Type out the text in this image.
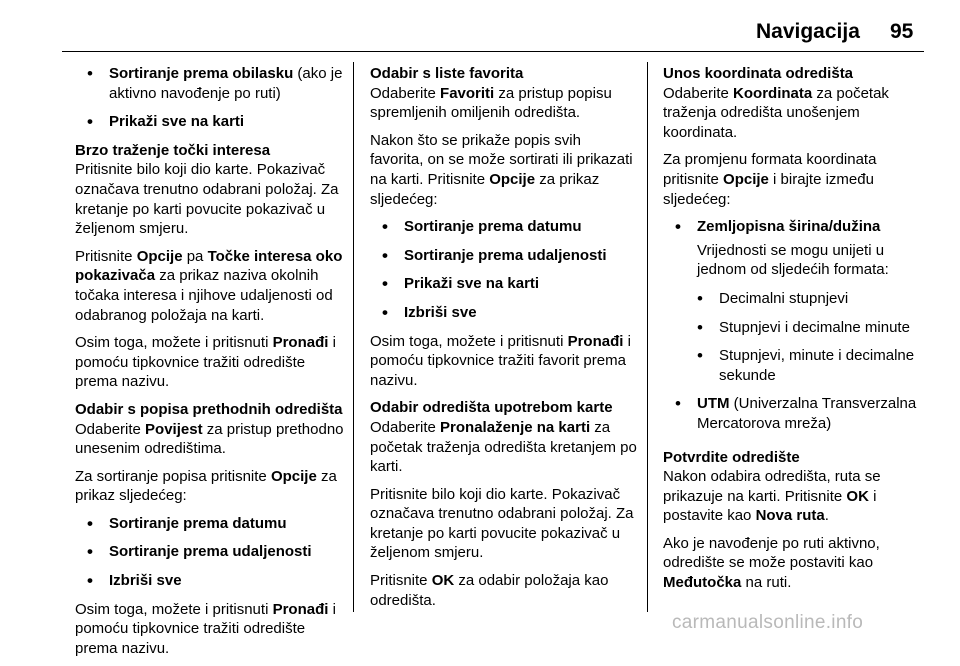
Navigacija 95
• Sortiranje prema obilasku (ako je aktivno navođenje po ruti)
• Prikaži sve na karti

Brzo traženje točki interesa

Pritisnite bilo koji dio karte. Pokazivač označava trenutno odabrani položaj. Za kretanje po karti povucite pokazivač u željenom smjeru.

Pritisnite Opcije pa Točke interesa oko pokazivača za prikaz naziva okolnih točaka interesa i njihove udaljenosti od odabranog položaja na karti.

Osim toga, možete i pritisnuti Pronađi i pomoću tipkovnice tražiti odredište prema nazivu.

Odabir s popisa prethodnih odredišta

Odaberite Povijest za pristup prethodno unesenim odredištima.

Za sortiranje popisa pritisnite Opcije za prikaz sljedećeg:

• Sortiranje prema datumu
• Sortiranje prema udaljenosti
• Izbriši sve

Osim toga, možete i pritisnuti Pronađi i pomoću tipkovnice tražiti odredište prema nazivu.

Odabir s liste favorita

Odaberite Favoriti za pristup popisu spremljenih omiljenih odredišta.

Nakon što se prikaže popis svih favorita, on se može sortirati ili prikazati na karti. Pritisnite Opcije za prikaz sljedećeg:

• Sortiranje prema datumu
• Sortiranje prema udaljenosti
• Prikaži sve na karti
• Izbriši sve

Osim toga, možete i pritisnuti Pronađi i pomoću tipkovnice tražiti favorit prema nazivu.

Odabir odredišta upotrebom karte

Odaberite Pronalaženje na karti za početak traženja odredišta kretanjem po karti.

Pritisnite bilo koji dio karte. Pokazivač označava trenutno odabrani položaj. Za kretanje po karti povucite pokazivač u željenom smjeru.

Pritisnite OK za odabir položaja kao odredišta.

Unos koordinata odredišta

Odaberite Koordinata za početak traženja odredišta unošenjem koordinata.

Za promjenu formata koordinata pritisnite Opcije i birajte između sljedećeg:

• Zemljopisna širina/dužina
Vrijednosti se mogu unijeti u jednom od sljedećih formata:
• Decimalni stupnjevi
• Stupnjevi i decimalne minute
• Stupnjevi, minute i decimalne sekunde
• UTM (Univerzalna Transverzalna Mercatorova mreža)

Potvrdite odredište

Nakon odabira odredišta, ruta se prikazuje na karti. Pritisnite OK i postavite kao Nova ruta.

Ako je navođenje po ruti aktivno, odredište se može postaviti kao Međutočka na ruti.

carmanualsonline.info
